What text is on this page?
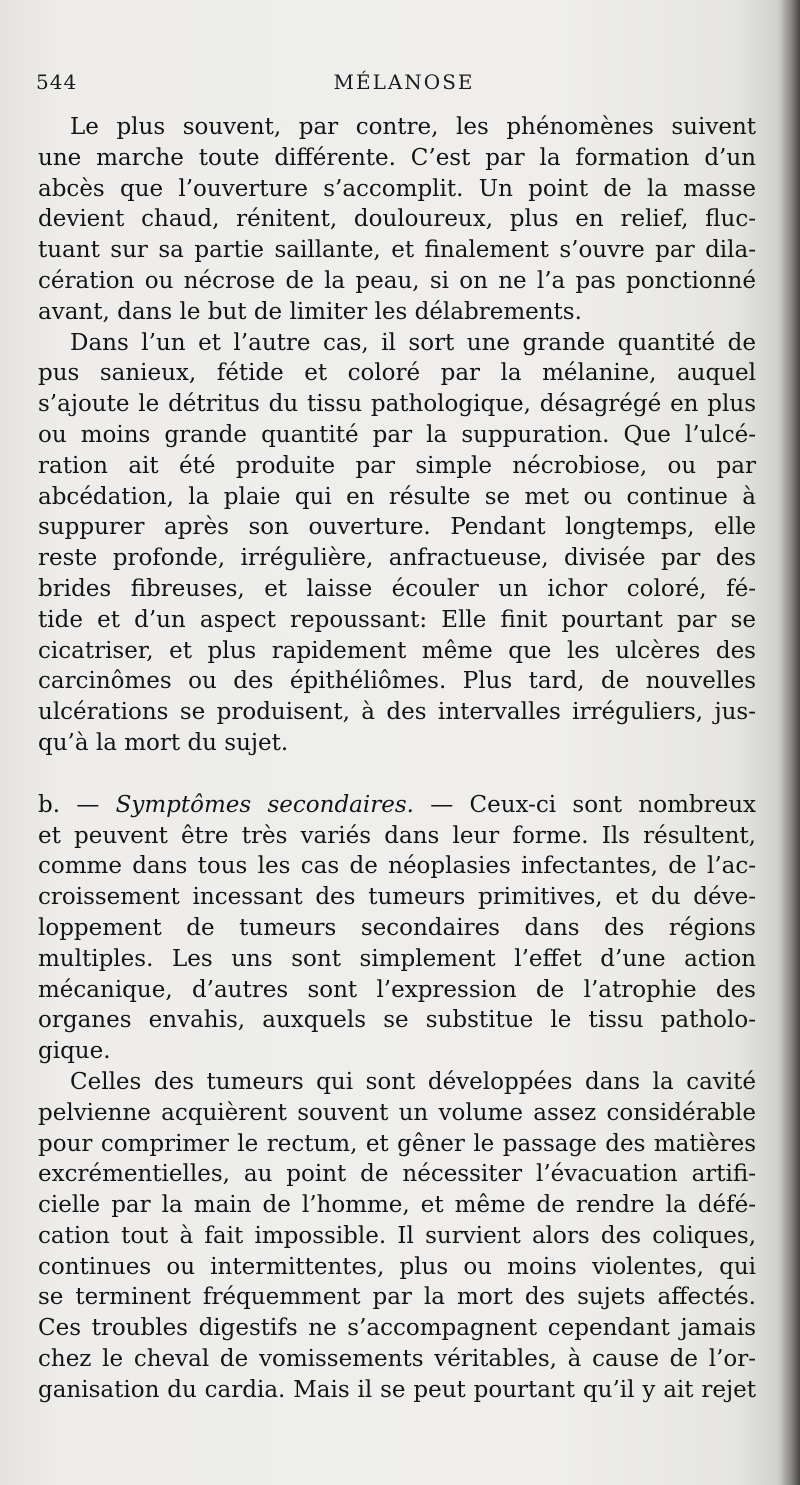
544	MÉLANOSE
Le plus souvent, par contre, les phénomènes suivent
une marche toute différente. C’est par la formation d’un
abcès que l’ouverture s’accomplit. Un point de la masse
devient chaud, rénitent, douloureux, plus en relief, fluc-
tuant sur sa partie saillante, et finalement s’ouvre par dila-
cération ou nécrose de la peau, si on ne l’a pas ponctionné
avant, dans le but de limiter les délabrements.
Dans l’un et l’autre cas, il sort une grande quantité de
pus sanieux, fétide et coloré par la mélanine, auquel
s’ajoute le détritus du tissu pathologique, désagrégé en plus
ou moins grande quantité par la suppuration. Que l’ulcé-
ration ait été produite par simple nécrobiose, ou par
abcédation, la plaie qui en résulte se met ou continue à
suppurer après son ouverture. Pendant longtemps, elle
reste profonde, irrégulière, anfractueuse, divisée par des
brides fibreuses, et laisse écouler un ichor coloré, fé-
tide et d’un aspect repoussant: Elle finit pourtant par se
cicatriser, et plus rapidement même que les ulcères des
carcinômes ou des épithéliômes. Plus tard, de nouvelles
ulcérations se produisent, à des intervalles irréguliers, jus-
qu’à la mort du sujet.
b. — Symptômes secondaires. — Ceux-ci sont nombreux
et peuvent être très variés dans leur forme. Ils résultent,
comme dans tous les cas de néoplasies infectantes, de l’ac-
croissement incessant des tumeurs primitives, et du déve-
loppement de tumeurs secondaires dans des régions
multiples. Les uns sont simplement l’effet d’une action
mécanique, d’autres sont l’expression de l’atrophie des
organes envahis, auxquels se substitue le tissu patholo-
gique.
Celles des tumeurs qui sont développées dans la cavité
pelvienne acquièrent souvent un volume assez considérable
pour comprimer le rectum, et gêner le passage des matières
excrémentielles, au point de nécessiter l’évacuation artifi-
cielle par la main de l’homme, et même de rendre la défé-
cation tout à fait impossible. Il survient alors des coliques,
continues ou intermittentes, plus ou moins violentes, qui
se terminent fréquemment par la mort des sujets affectés.
Ces troubles digestifs ne s’accompagnent cependant jamais
chez le cheval de vomissements véritables, à cause de l’or-
ganisation du cardia. Mais il se peut pourtant qu’il y ait rejet
